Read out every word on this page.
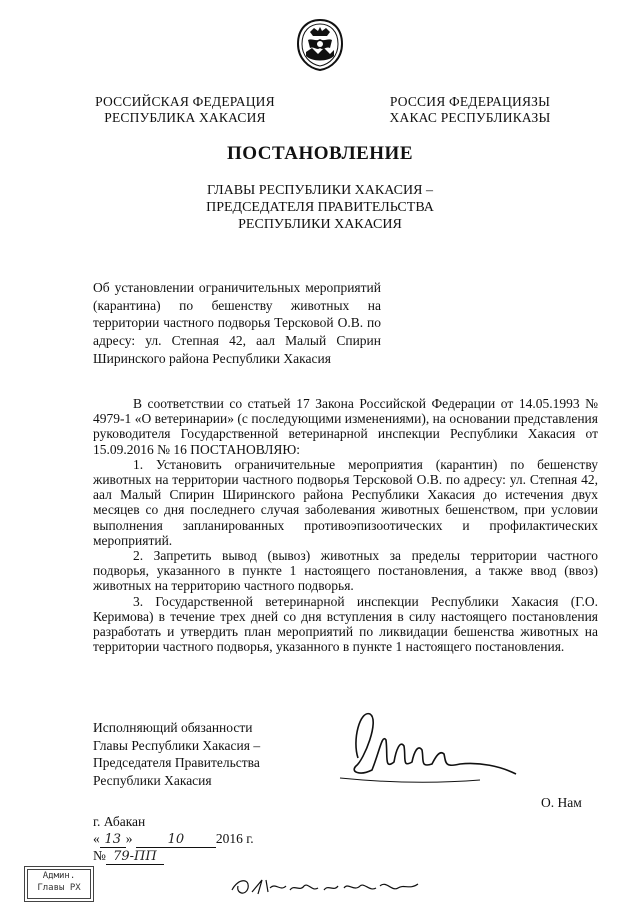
РОССИЙСКАЯ ФЕДЕРАЦИЯ
РЕСПУБЛИКА ХАКАСИЯ
РОССИЯ ФЕДЕРАЦИЯЗЫ
ХАКАС РЕСПУБЛИКАЗЫ
ПОСТАНОВЛЕНИЕ
ГЛАВЫ РЕСПУБЛИКИ ХАКАСИЯ –
ПРЕДСЕДАТЕЛЯ ПРАВИТЕЛЬСТВА
РЕСПУБЛИКИ ХАКАСИЯ
Об установлении ограничительных мероприятий (карантина) по бешенству животных на территории частного подворья Терсковой О.В. по адресу: ул. Степная 42, аал Малый Спирин Ширинского района Республики Хакасия

В соответствии со статьей 17 Закона Российской Федерации от 14.05.1993 № 4979-1 «О ветеринарии» (с последующими изменениями), на основании представления руководителя Государственной ветеринарной инспекции Республики Хакасия от 15.09.2016 № 16 ПОСТАНОВЛЯЮ:

1. Установить ограничительные мероприятия (карантин) по бешенству животных на территории частного подворья Терсковой О.В. по адресу: ул. Степная 42, аал Малый Спирин Ширинского района Республики Хакасия до истечения двух месяцев со дня последнего случая заболевания животных бешенством, при условии выполнения запланированных противоэпизоотических и профилактических мероприятий.

2. Запретить вывод (вывоз) животных за пределы территории частного подворья, указанного в пункте 1 настоящего постановления, а также ввод (ввоз) животных на территорию частного подворья.

3. Государственной ветеринарной инспекции Республики Хакасия (Г.О. Керимова) в течение трех дней со дня вступления в силу настоящего постановления разработать и утвердить план мероприятий по ликвидации бешенства животных на территории частного подворья, указанного в пункте 1 настоящего постановления.

Исполняющий обязанности
Главы Республики Хакасия –
Председателя Правительства
Республики Хакасия
О. Нам
г. Абакан
« 13 »	10 2016 г.
№ 79-ПП
Админ.
Главы РХ
